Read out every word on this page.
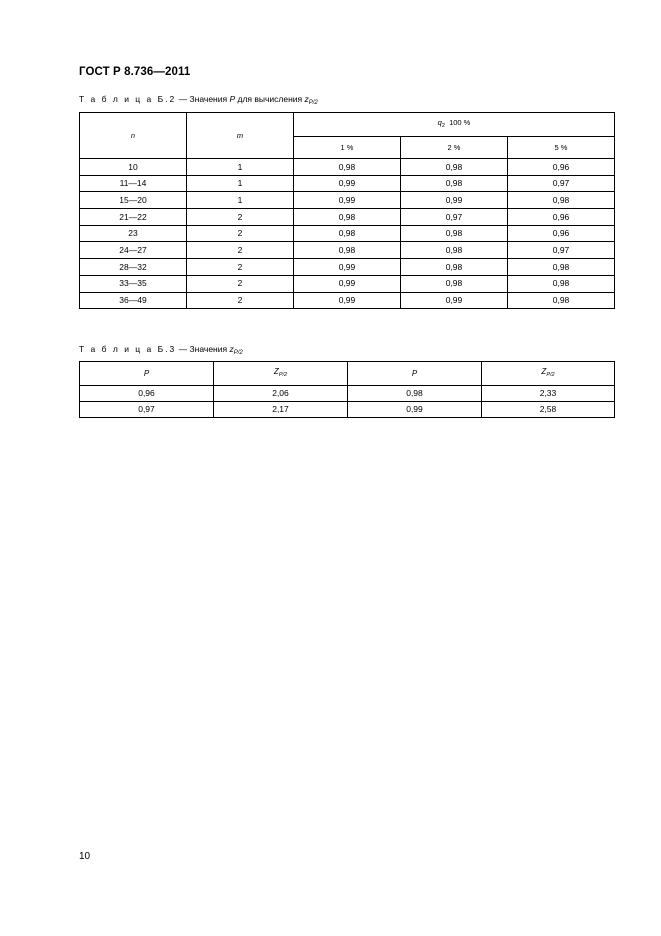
ГОСТ Р 8.736—2011
Т а б л и ц а Б.2 — Значения P для вычисления $z_{P/2}$
n	m	$q_2$  100 %		
		1 %	2 %	5 %
10	1	0,98	0,98	0,96
11—14	1	0,99	0,98	0,97
15—20	1	0,99	0,99	0,98
21—22	2	0,98	0,97	0,96
23	2	0,98	0,98	0,96
24—27	2	0,98	0,98	0,97
28—32	2	0,99	0,98	0,98
33—35	2	0,99	0,98	0,98
36—49	2	0,99	0,99	0,98
Т а б л и ц а Б.3 — Значения $z_{P/2}$
P	$Z_{P/2}$	P	$Z_{P/2}$
0,96	2,06	0,98	2,33
0,97	2,17	0,99	2,58
10
